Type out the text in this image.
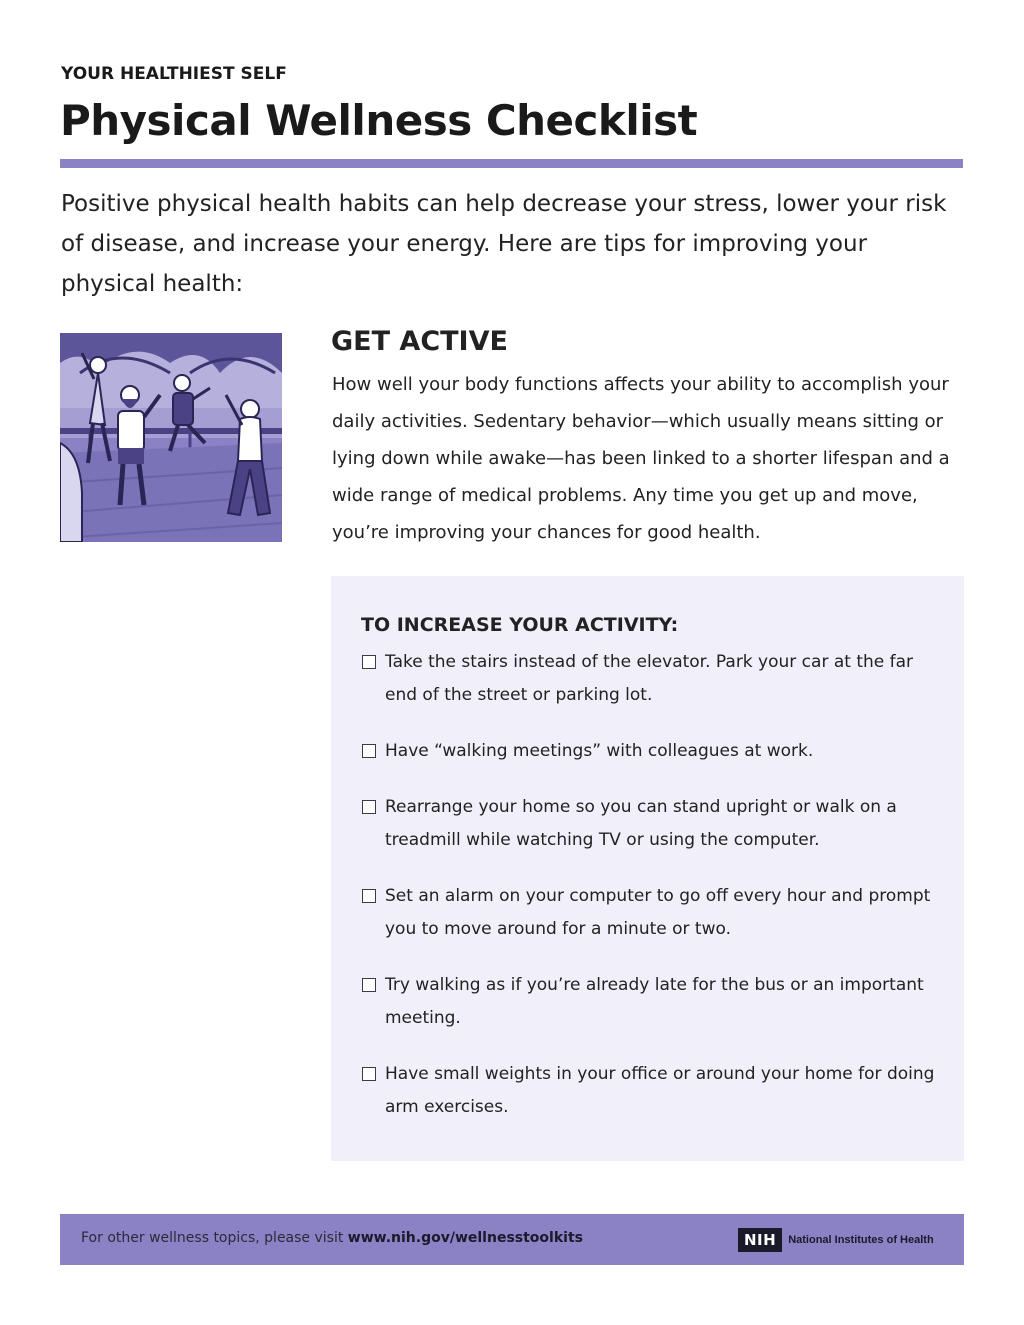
YOUR HEALTHIEST SELF
Physical Wellness Checklist

Positive physical health habits can help decrease your stress, lower your risk of disease, and increase your energy. Here are tips for improving your physical health:

GET ACTIVE

How well your body functions affects your ability to accomplish your daily activities. Sedentary behavior—which usually means sitting or lying down while awake—has been linked to a shorter lifespan and a wide range of medical problems. Any time you get up and move, you’re improving your chances for good health.

TO INCREASE YOUR ACTIVITY:
Take the stairs instead of the elevator. Park your car at the far end of the street or parking lot.
Have “walking meetings” with colleagues at work.
Rearrange your home so you can stand upright or walk on a treadmill while watching TV or using the computer.
Set an alarm on your computer to go off every hour and prompt you to move around for a minute or two.
Try walking as if you’re already late for the bus or an important meeting.
Have small weights in your office or around your home for doing arm exercises.
For other wellness topics, please visit www.nih.gov/wellnesstoolkits	NIH	National Institutes of Health
